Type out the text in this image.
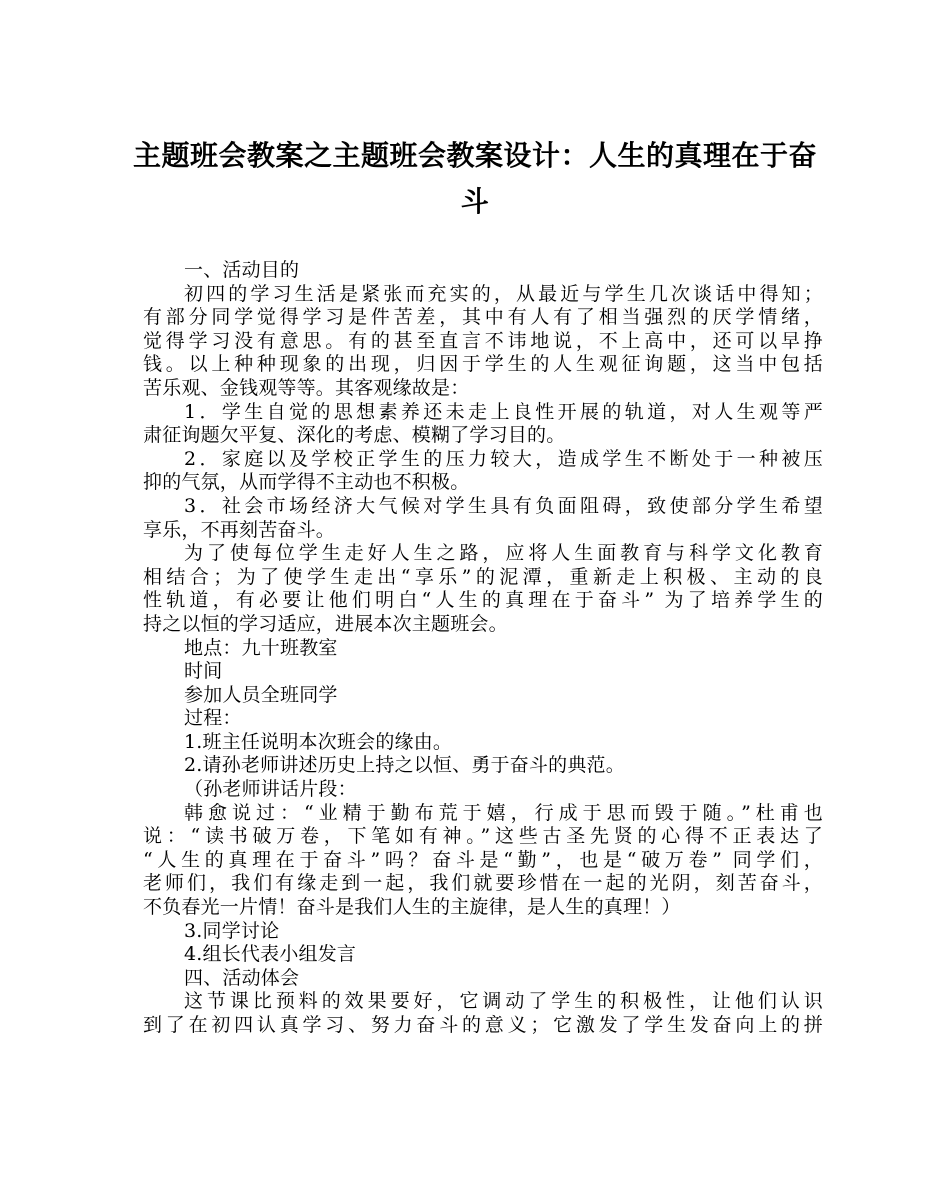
主题班会教案之主题班会教案设计：人生的真理在于奋斗

一、活动目的

初四的学习生活是紧张而充实的，从最近与学生几次谈话中得知；

有部分同学觉得学习是件苦差，其中有人有了相当强烈的厌学情绪，

觉得学习没有意思。有的甚至直言不讳地说，不上高中，还可以早挣

钱。以上种种现象的出现，归因于学生的人生观征询题，这当中包括

苦乐观、金钱观等等。其客观缘故是：

1．学生自觉的思想素养还未走上良性开展的轨道，对人生观等严

肃征询题欠平复、深化的考虑、模糊了学习目的。

2．家庭以及学校正学生的压力较大，造成学生不断处于一种被压

抑的气氛，从而学得不主动也不积极。

3．社会市场经济大气候对学生具有负面阻碍，致使部分学生希望

享乐，不再刻苦奋斗。

为了使每位学生走好人生之路，应将人生面教育与科学文化教育

相结合；为了使学生走出“享乐”的泥潭，重新走上积极、主动的良

性轨道，有必要让他们明白“人生的真理在于奋斗” 为了培养学生的

持之以恒的学习适应，进展本次主题班会。

地点：九十班教室

时间

参加人员全班同学

过程：

1.班主任说明本次班会的缘由。

2.请孙老师讲述历史上持之以恒、勇于奋斗的典范。

（孙老师讲话片段：

韩愈说过：“业精于勤布荒于嬉，行成于思而毁于随。”杜甫也

说：“读书破万卷，下笔如有神。”这些古圣先贤的心得不正表达了

“人生的真理在于奋斗”吗？奋斗是“勤”，也是“破万卷” 同学们，

老师们，我们有缘走到一起，我们就要珍惜在一起的光阴，刻苦奋斗，

不负春光一片情！奋斗是我们人生的主旋律，是人生的真理！）

3.同学讨论

4.组长代表小组发言

四、活动体会

这节课比预料的效果要好，它调动了学生的积极性，让他们认识

到了在初四认真学习、努力奋斗的意义；它激发了学生发奋向上的拼
